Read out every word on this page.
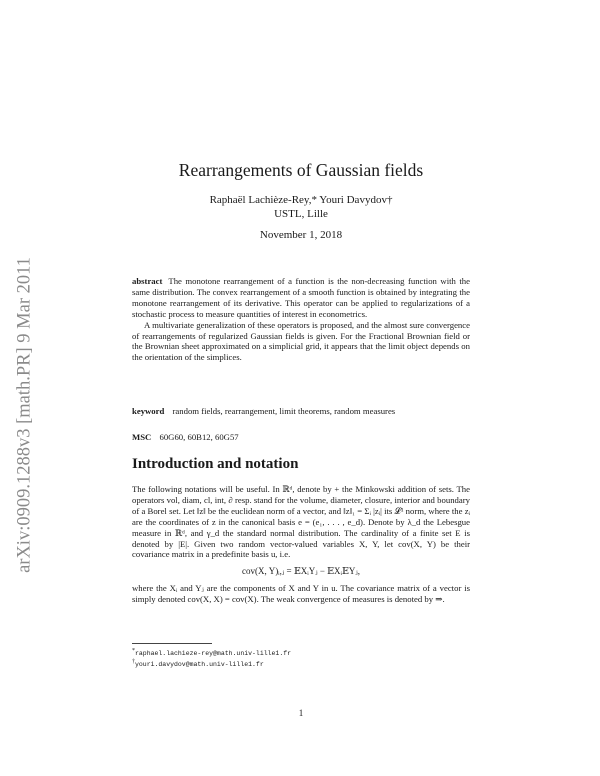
arXiv:0909.1288v3 [math.PR] 9 Mar 2011
Rearrangements of Gaussian fields
Raphaël Lachièze-Rey,* Youri Davydov†
USTL, Lille
November 1, 2018

abstract The monotone rearrangement of a function is the non-decreasing function with the same distribution. The convex rearrangement of a smooth function is obtained by integrating the monotone rearrangement of its derivative. This operator can be applied to regularizations of a stochastic process to measure quantities of interest in econometrics.

A multivariate generalization of these operators is proposed, and the almost sure convergence of rearrangements of regularized Gaussian fields is given. For the Fractional Brownian field or the Brownian sheet approximated on a simplicial grid, it appears that the limit object depends on the orientation of the simplices.

keyword random fields, rearrangement, limit theorems, random measures
MSC 60G60, 60B12, 60G57
Introduction and notation

The following notations will be useful. In ℝᵈ, denote by + the Minkowski addition of sets. The operators vol, diam, cl, int, ∂ resp. stand for the volume, diameter, closure, interior and boundary of a Borel set. Let ‖z‖ be the euclidean norm of a vector, and ‖z‖₁ = Σᵢ |zᵢ| its 𝓛¹ norm, where the zᵢ are the coordinates of z in the canonical basis e = (e₁, . . . , e_d). Denote by λ_d the Lebesgue measure in ℝᵈ, and γ_d the standard normal distribution. The cardinality of a finite set E is denoted by |E|. Given two random vector-valued variables X, Y, let cov(X, Y) be their covariance matrix in a predefinite basis u, i.e.

cov(X, Y)ᵢ,ⱼ = 𝔼XᵢYⱼ − 𝔼Xᵢ𝔼Yⱼ,

where the Xᵢ and Yⱼ are the components of X and Y in u. The covariance matrix of a vector is simply denoted cov(X, X) = cov(X). The weak convergence of measures is denoted by ⇒.

*raphael.lachieze-rey@math.univ-lille1.fr
†youri.davydov@math.univ-lille1.fr
1
